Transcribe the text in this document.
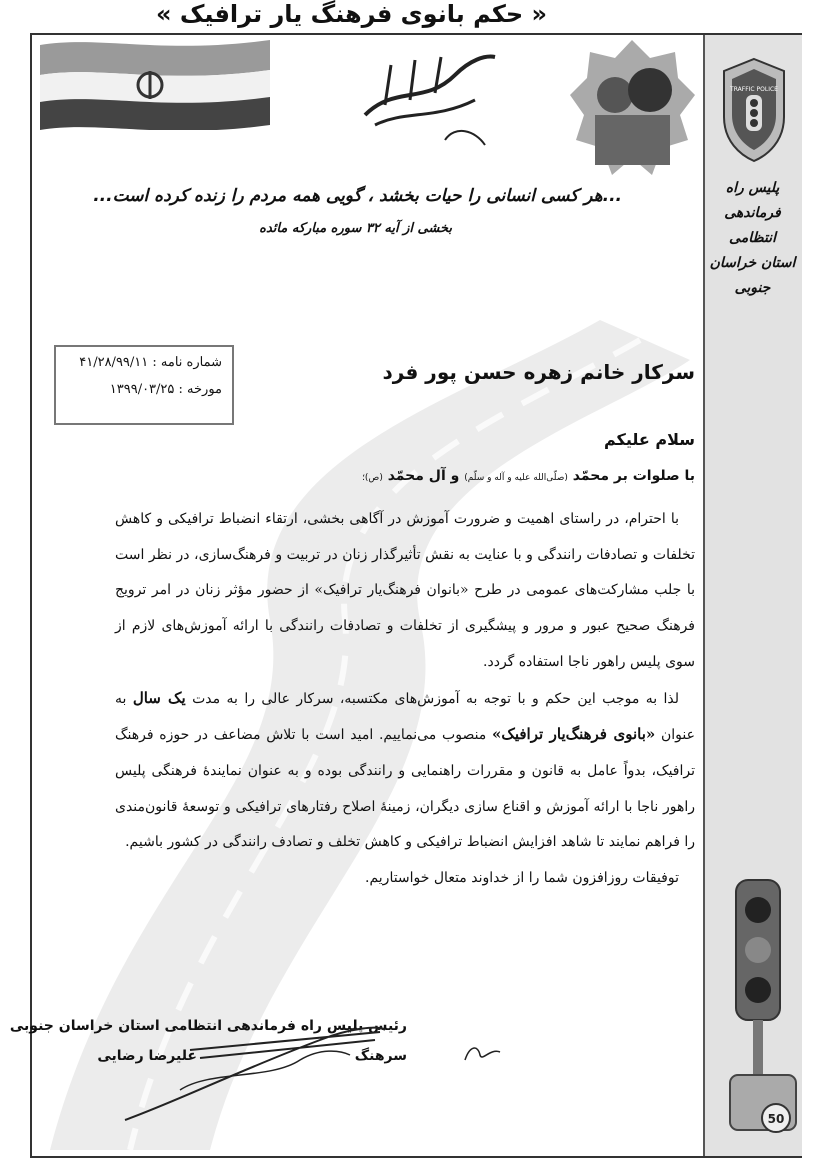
...هر کسی انسانی را حیات بخشد ، گویی همه مردم را زنده کرده است...
بخشی از آیه ۳۲ سوره مبارکه مائده
« حکم بانوی فرهنگ یار ترافیک »
شماره نامه : ۴۱/۲۸/۹۹/۱۱
مورخه : ۱۳۹۹/۰۳/۲۵
سرکار خانم زهره حسن پور فرد
سلام علیکم
با صلوات بر محمّد (صلّی‌الله علیه و آله و سلّم) و آل محمّد (ص)؛

با احترام، در راستای اهمیت و ضرورت آموزش در آگاهی بخشی، ارتقاء انضباط ترافیکی و کاهش تخلفات و تصادفات رانندگی و با عنایت به نقش تأثیرگذار زنان در تربیت و فرهنگ‌سازی، در نظر است با جلب مشارکت‌های عمومی در طرح «بانوان فرهنگ‌یار ترافیک» از حضور مؤثر زنان در امر ترویج فرهنگ صحیح عبور و مرور و پیشگیری از تخلفات و تصادفات رانندگی با ارائه آموزش‌های لازم از سوی پلیس راهور ناجا استفاده گردد.

لذا به موجب این حکم و با توجه به آموزش‌های مکتسبه، سرکار عالی را به مدت یک سال به عنوان «بانوی فرهنگ‌یار ترافیک» منصوب می‌نماییم. امید است با تلاش مضاعف در حوزه فرهنگ ترافیک، بدواً عامل به قانون و مقررات راهنمایی و رانندگی بوده و به عنوان نمایندهٔ فرهنگی پلیس راهور ناجا با ارائه آموزش و اقناع سازی دیگران، زمینهٔ اصلاح رفتارهای ترافیکی و توسعهٔ قانون‌مندی را فراهم نمایند تا شاهد افزایش انضباط ترافیکی و کاهش تخلف و تصادف رانندگی در کشور باشیم.

توفیقات روزافزون شما را از خداوند متعال خواستاریم.

رئیس پلیس راه فرماندهی انتظامی استان خراسان جنوبی
سرهنگ
علیرضا رضایی
TRAFFIC POLICE
پلیس راه
فرماندهی انتظامی
استان خراسان جنوبی
50
